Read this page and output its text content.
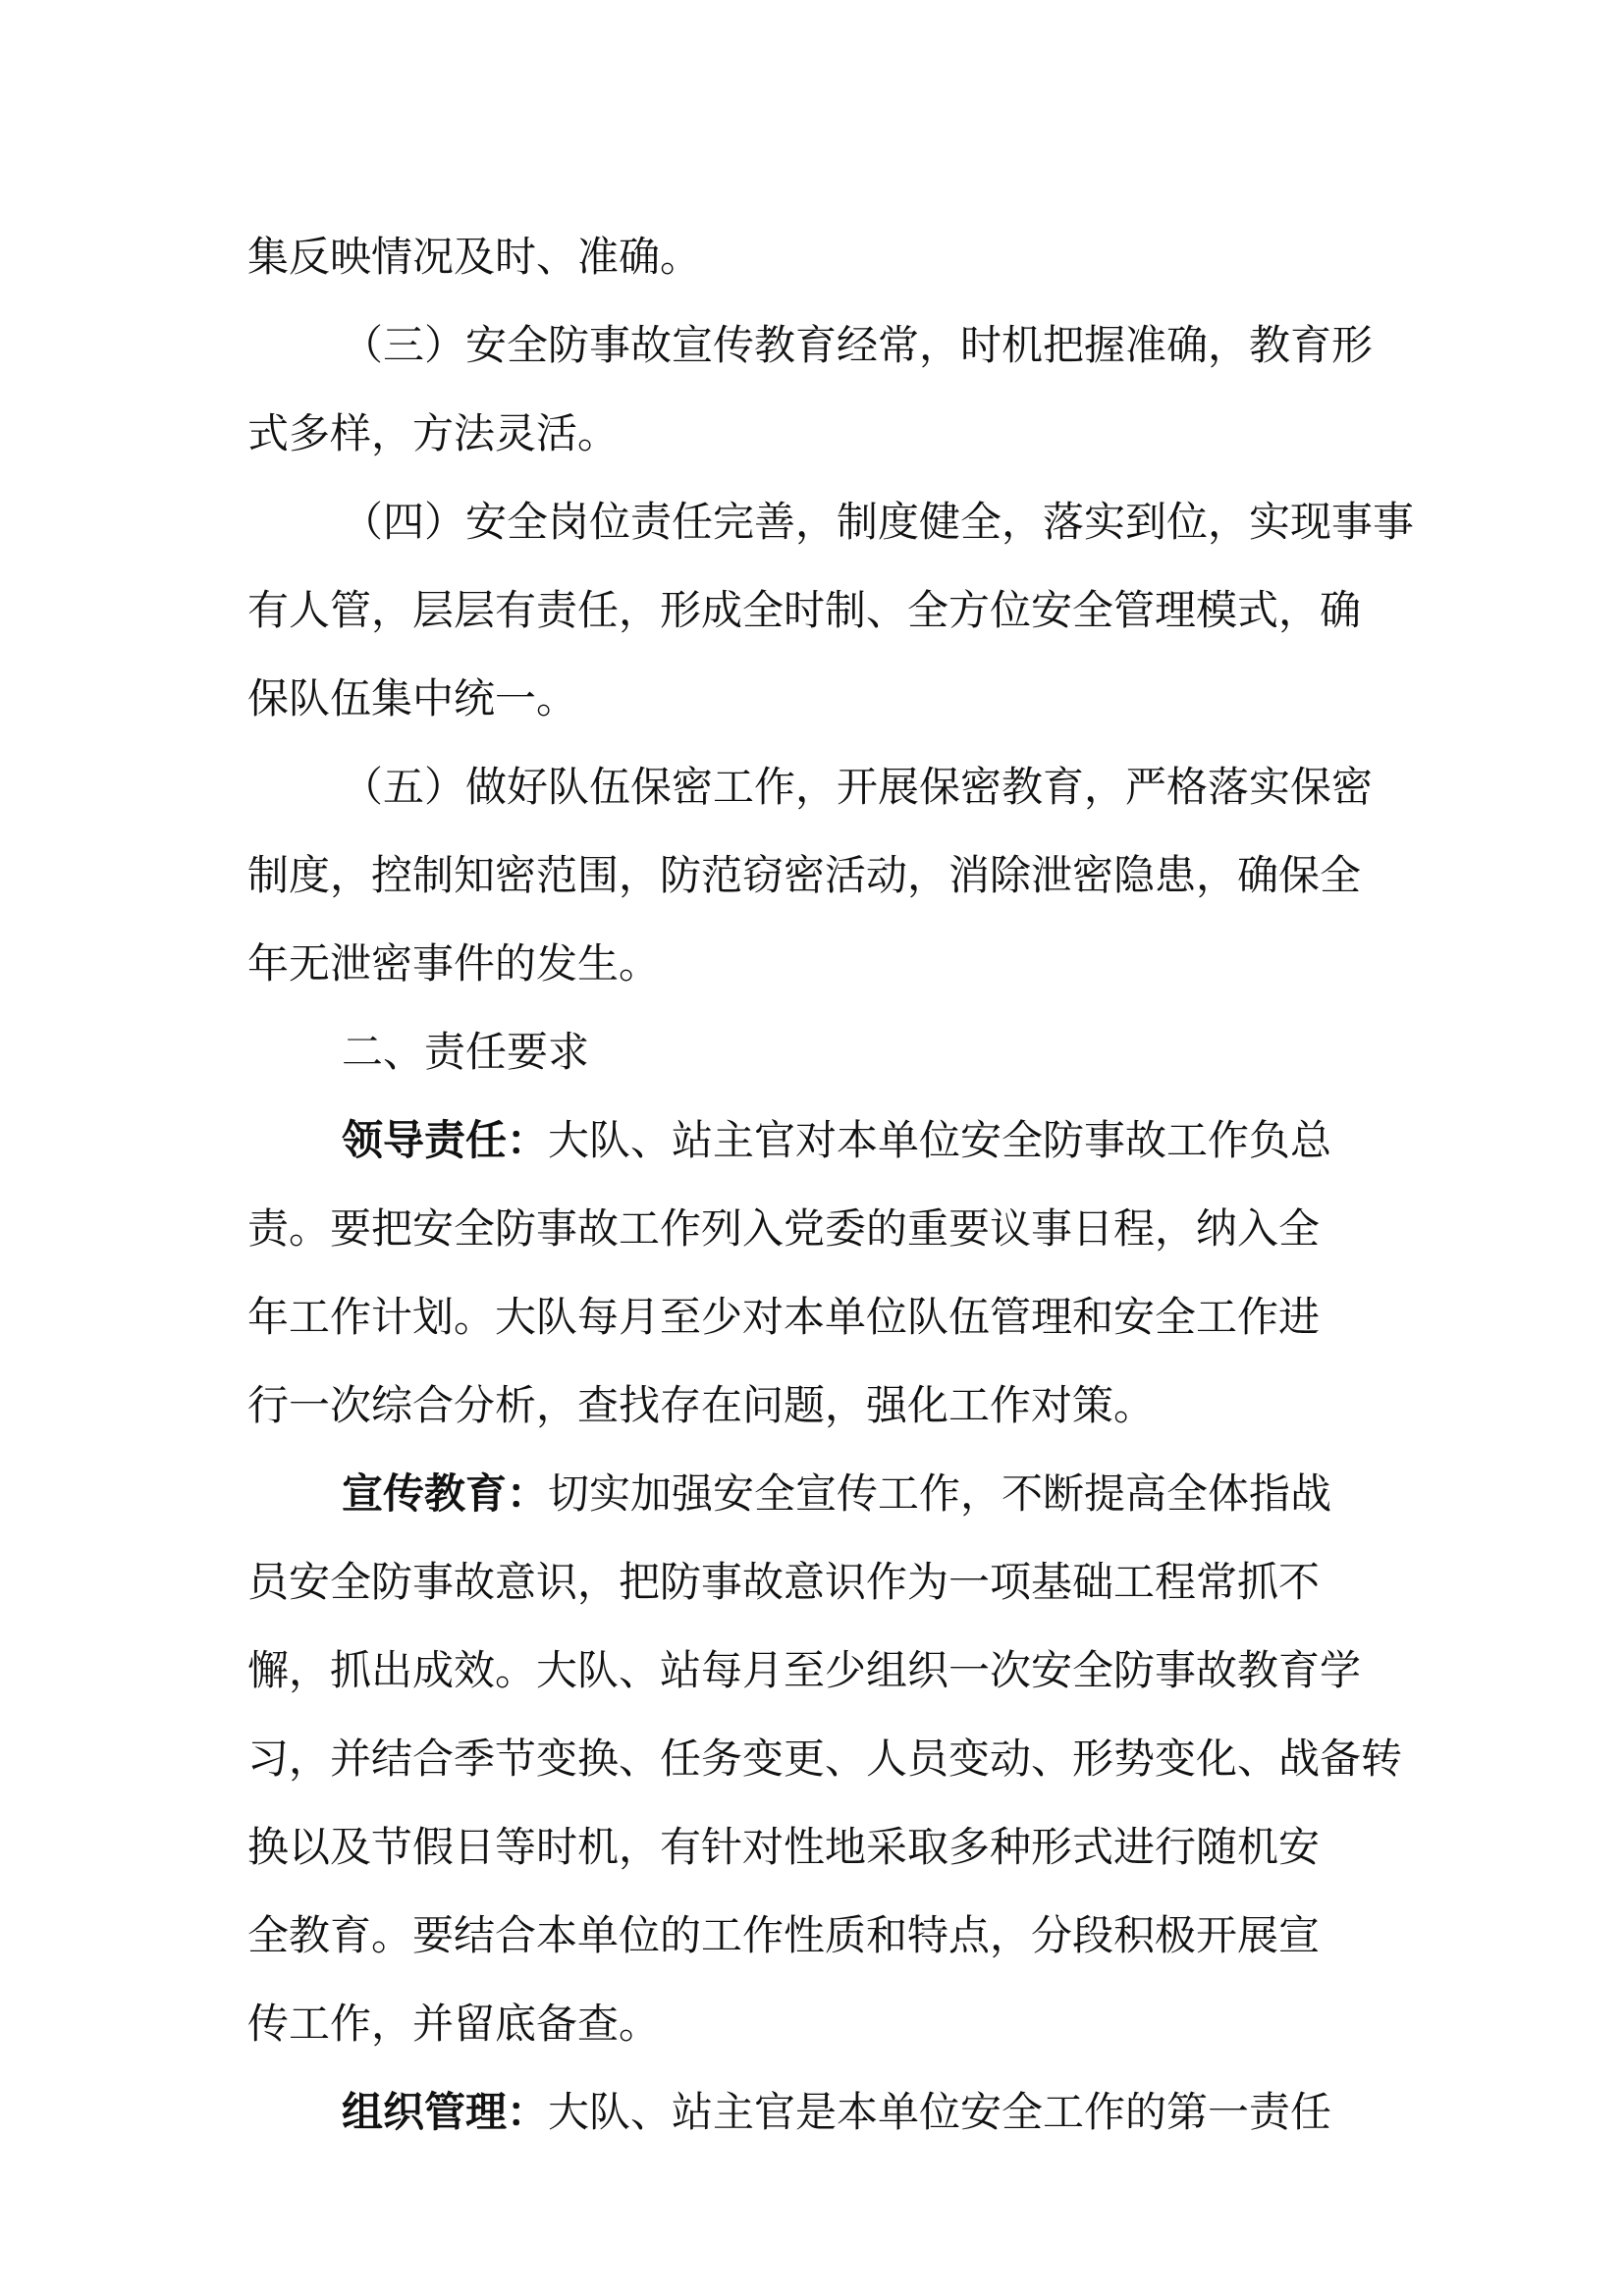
集反映情况及时、准确。
（三）安全防事故宣传教育经常，时机把握准确，教育形
式多样，方法灵活。
（四）安全岗位责任完善，制度健全，落实到位，实现事事
有人管，层层有责任，形成全时制、全方位安全管理模式，确
保队伍集中统一。
（五）做好队伍保密工作，开展保密教育，严格落实保密
制度，控制知密范围，防范窃密活动，消除泄密隐患，确保全
年无泄密事件的发生。
二、责任要求
领导责任：大队、站主官对本单位安全防事故工作负总
责。要把安全防事故工作列入党委的重要议事日程，纳入全
年工作计划。大队每月至少对本单位队伍管理和安全工作进
行一次综合分析，查找存在问题，强化工作对策。
宣传教育：切实加强安全宣传工作，不断提高全体指战
员安全防事故意识，把防事故意识作为一项基础工程常抓不
懈，抓出成效。大队、站每月至少组织一次安全防事故教育学
习，并结合季节变换、任务变更、人员变动、形势变化、战备转
换以及节假日等时机，有针对性地采取多种形式进行随机安
全教育。要结合本单位的工作性质和特点，分段积极开展宣
传工作，并留底备查。
组织管理：大队、站主官是本单位安全工作的第一责任
